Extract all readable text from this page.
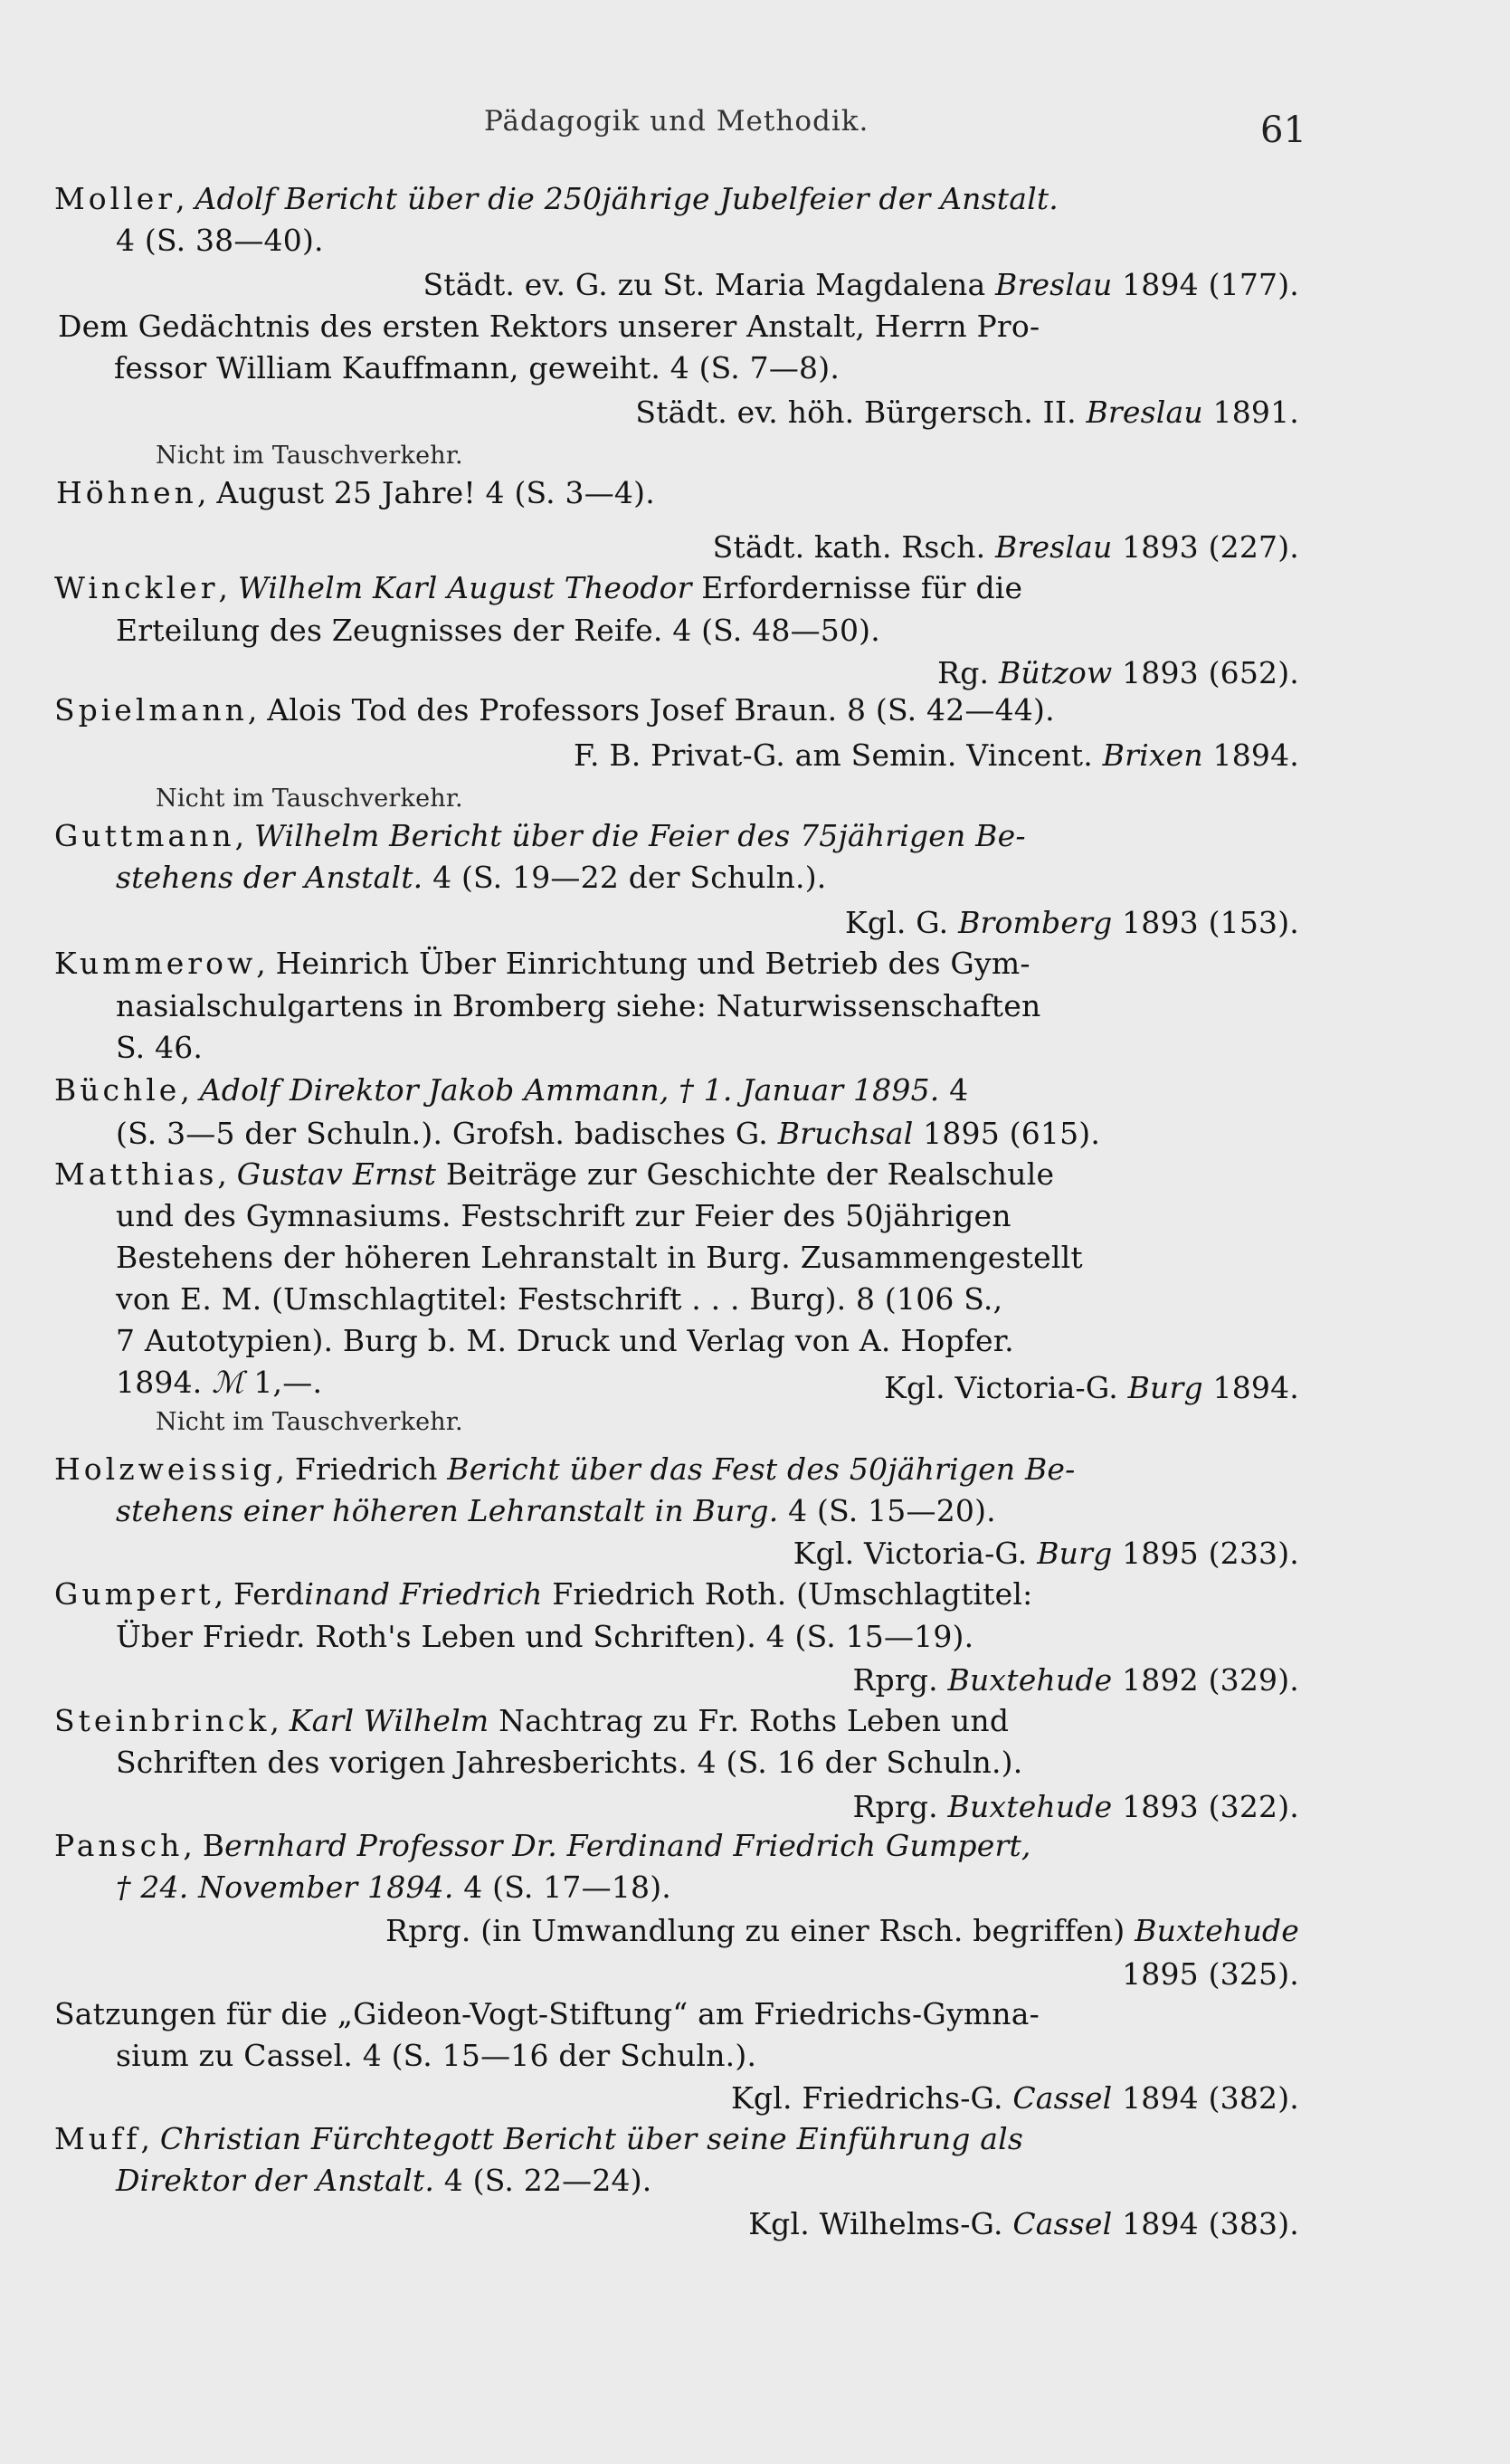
Pädagogik und Methodik.	61
Moller, Adolf Bericht über die 250jährige Jubelfeier der Anstalt.
4 (S. 38—40).
Städt. ev. G. zu St. Maria Magdalena Breslau 1894 (177).
Dem Gedächtnis des ersten Rektors unserer Anstalt, Herrn Pro-
fessor William Kauffmann, geweiht. 4 (S. 7—8).
Städt. ev. höh. Bürgersch. II. Breslau 1891.
Nicht im Tauschverkehr.
Höhnen, August 25 Jahre! 4 (S. 3—4).
Städt. kath. Rsch. Breslau 1893 (227).
Winckler, Wilhelm Karl August Theodor Erfordernisse für die
Erteilung des Zeugnisses der Reife. 4 (S. 48—50).
Rg. Bützow 1893 (652).
Spielmann, Alois Tod des Professors Josef Braun. 8 (S. 42—44).
F. B. Privat-G. am Semin. Vincent. Brixen 1894.
Nicht im Tauschverkehr.
Guttmann, Wilhelm Bericht über die Feier des 75jährigen Be-
stehens der Anstalt. 4 (S. 19—22 der Schuln.).
Kgl. G. Bromberg 1893 (153).
Kummerow, Heinrich Über Einrichtung und Betrieb des Gym-
nasialschulgartens in Bromberg siehe: Naturwissenschaften
S. 46.
Büchle, Adolf Direktor Jakob Ammann, † 1. Januar 1895. 4
(S. 3—5 der Schuln.). Grofsh. badisches G. Bruchsal 1895 (615).
Matthias, Gustav Ernst Beiträge zur Geschichte der Realschule
und des Gymnasiums. Festschrift zur Feier des 50jährigen
Bestehens der höheren Lehranstalt in Burg. Zusammengestellt
von E. M. (Umschlagtitel: Festschrift . . . Burg). 8 (106 S.,
7 Autotypien). Burg b. M. Druck und Verlag von A. Hopfer.
1894. ℳ 1,—.	Kgl. Victoria-G. Burg 1894.
Nicht im Tauschverkehr.
Holzweissig, Friedrich Bericht über das Fest des 50jährigen Be-
stehens einer höheren Lehranstalt in Burg. 4 (S. 15—20).
Kgl. Victoria-G. Burg 1895 (233).
Gumpert, Ferdinand Friedrich Friedrich Roth. (Umschlagtitel:
Über Friedr. Roth's Leben und Schriften). 4 (S. 15—19).
Rprg. Buxtehude 1892 (329).
Steinbrinck, Karl Wilhelm Nachtrag zu Fr. Roths Leben und
Schriften des vorigen Jahresberichts. 4 (S. 16 der Schuln.).
Rprg. Buxtehude 1893 (322).
Pansch, Bernhard Professor Dr. Ferdinand Friedrich Gumpert,
† 24. November 1894. 4 (S. 17—18).
Rprg. (in Umwandlung zu einer Rsch. begriffen) Buxtehude
1895 (325).
Satzungen für die „Gideon-Vogt-Stiftung“ am Friedrichs-Gymna-
sium zu Cassel. 4 (S. 15—16 der Schuln.).
Kgl. Friedrichs-G. Cassel 1894 (382).
Muff, Christian Fürchtegott Bericht über seine Einführung als
Direktor der Anstalt. 4 (S. 22—24).
Kgl. Wilhelms-G. Cassel 1894 (383).
